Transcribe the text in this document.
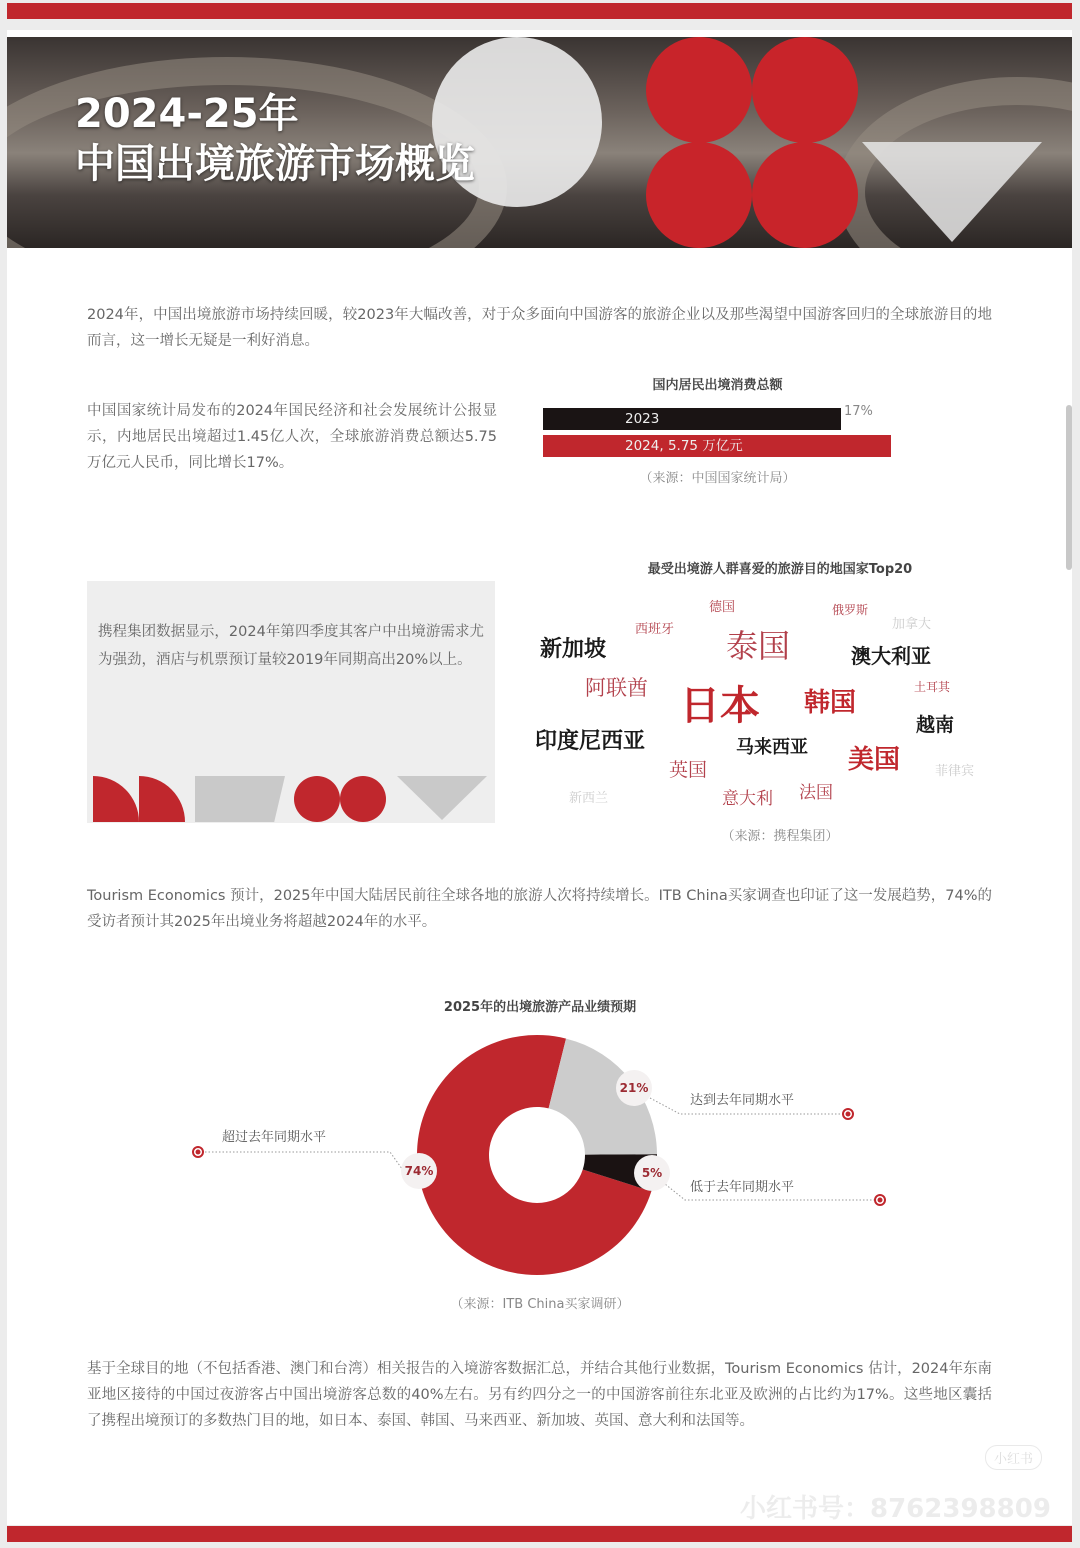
2024-25年
中国出境旅游市场概览

2024年，中国出境旅游市场持续回暖，较2023年大幅改善，对于众多面向中国游客的旅游企业以及那些渴望中国游客回归的全球旅游目的地而言，这一增长无疑是一利好消息。

中国国家统计局发布的2024年国民经济和社会发展统计公报显示，内地居民出境超过1.45亿人次，全球旅游消费总额达5.75万亿元人民币，同比增长17%。

国内居民出境消费总额
2023
2024, 5.75 万亿元
17%
（来源：中国国家统计局）

携程集团数据显示，2024年第四季度其客户中出境游需求尤为强劲，酒店与机票预订量较2019年同期高出20%以上。

最受出境游人群喜爱的旅游目的地国家Top20
德国	俄罗斯
加拿大
西班牙
新加坡	泰国	澳大利亚
阿联酋 日本 韩国
土耳其
越南
印度尼西亚	马来西亚 美国
英国	菲律宾
新西兰	意大利 法国
（来源：携程集团）

Tourism Economics 预计，2025年中国大陆居民前往全球各地的旅游人次将持续增长。ITB China买家调查也印证了这一发展趋势，74%的受访者预计其2025年出境业务将超越2024年的水平。

2025年的出境旅游产品业绩预期
达到去年同期水平
低于去年同期水平
超过去年同期水平
21%
5%
74%
（来源：ITB China买家调研）

基于全球目的地（不包括香港、澳门和台湾）相关报告的入境游客数据汇总，并结合其他行业数据，Tourism Economics 估计，2024年东南亚地区接待的中国过夜游客占中国出境游客总数的40%左右。另有约四分之一的中国游客前往东北亚及欧洲的占比约为17%。这些地区囊括了携程出境预订的多数热门目的地，如日本、泰国、韩国、马来西亚、新加坡、英国、意大利和法国等。

小红书
小红书号：8762398809
